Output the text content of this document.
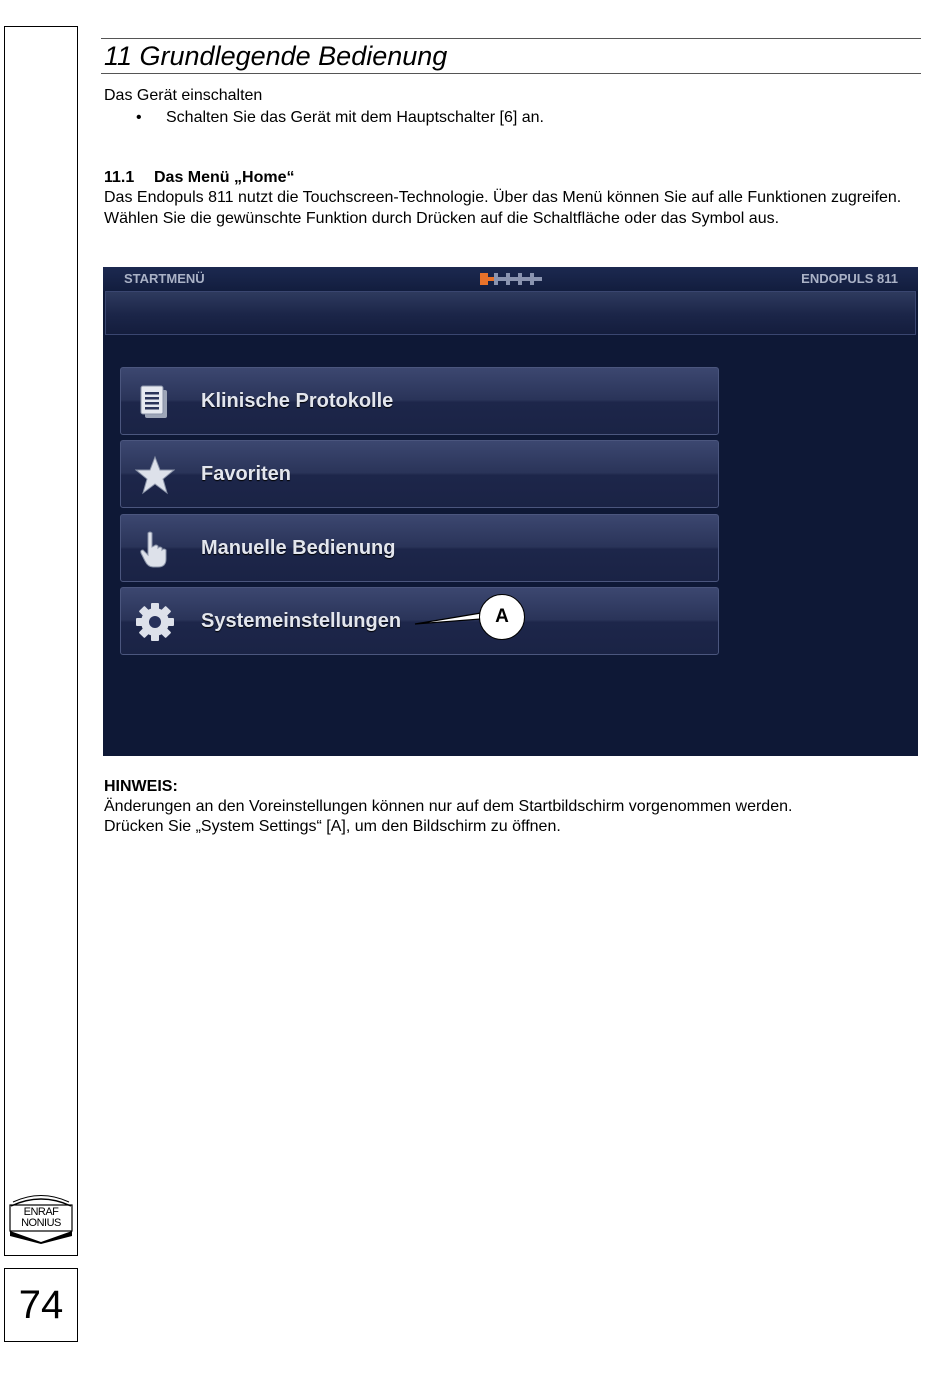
ENRAF
NONIUS
74
11 Grundlegende Bedienung
Das Gerät einschalten
• Schalten Sie das Gerät mit dem Hauptschalter [6] an.
11.1 Das Menü „Home“
Das Endopuls 811 nutzt die Touchscreen-Technologie. Über das Menü können Sie auf alle Funktionen zugreifen. Wählen Sie die gewünschte Funktion durch Drücken auf die Schaltfläche oder das Symbol aus.
STARTMENÜ	ENDOPULS 811
Klinische Protokolle
Favoriten
Manuelle Bedienung
Systemeinstellungen	A
HINWEIS:
Änderungen an den Voreinstellungen können nur auf dem Startbildschirm vorgenommen werden.
Drücken Sie „System Settings“ [A], um den Bildschirm zu öffnen.
